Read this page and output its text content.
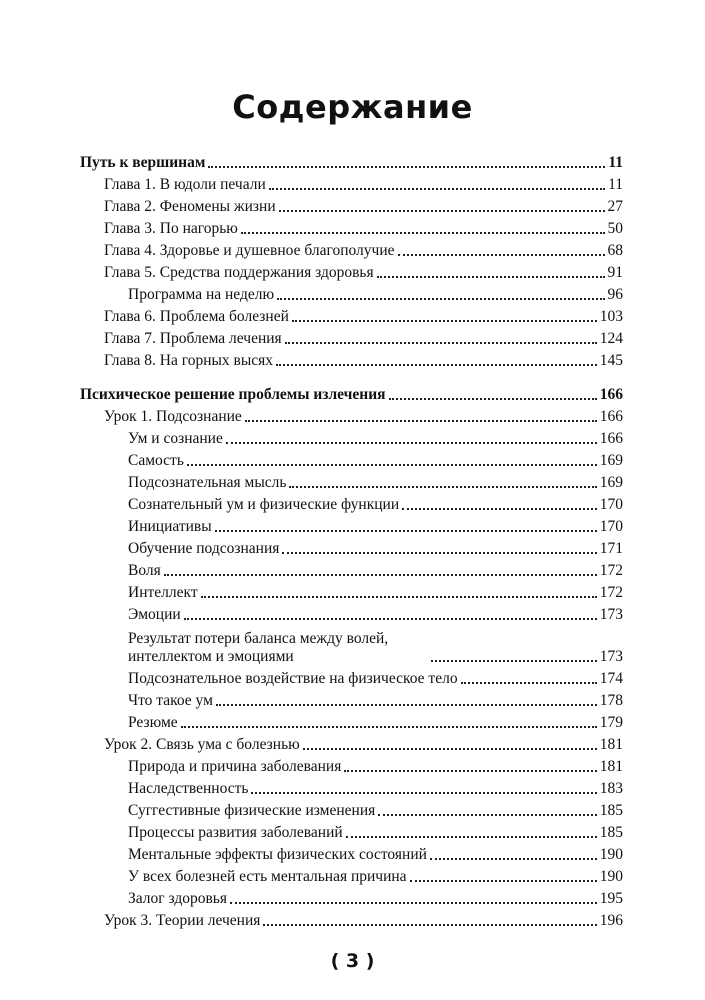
Содержание
Путь к вершинам	11
Глава 1. В юдоли печали	11
Глава 2. Феномены жизни	27
Глава 3. По нагорью	50
Глава 4. Здоровье и душевное благополучие	68
Глава 5. Средства поддержания здоровья	91
Программа на неделю	96
Глава 6. Проблема болезней	103
Глава 7. Проблема лечения	124
Глава 8. На горных высях	145
Психическое решение проблемы излечения	166
Урок 1. Подсознание	166
Ум и сознание	166
Самость	169
Подсознательная мысль	169
Сознательный ум и физические функции	170
Инициативы	170
Обучение подсознания	171
Воля	172
Интеллект	172
Эмоции	173
Результат потери баланса между волей, интеллектом и эмоциями	173
Подсознательное воздействие на физическое тело	174
Что такое ум	178
Резюме	179
Урок 2. Связь ума с болезнью	181
Природа и причина заболевания	181
Наследственность	183
Суггестивные физические изменения	185
Процессы развития заболеваний	185
Ментальные эффекты физических состояний	190
У всех болезней есть ментальная причина	190
Залог здоровья	195
Урок 3. Теории лечения	196
( 3 )
